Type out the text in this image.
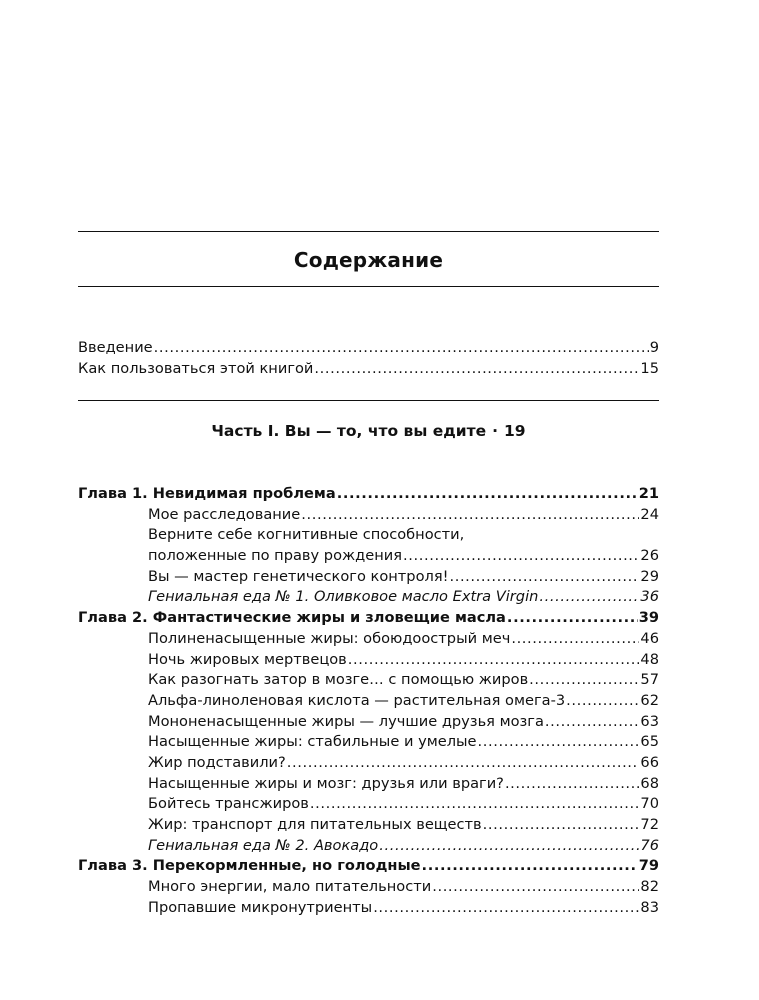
Содержание
Введение .....	9
Как пользоваться этой книгой .....	15
Часть I. Вы — то, что вы едите · 19
Глава 1. Невидимая проблема .....	21
Мое расследование .....	24
Верните себе когнитивные способности,
положенные по праву рождения .....	26
Вы — мастер генетического контроля! .....	29
Гениальная еда № 1. Оливковое масло Extra Virgin .....	36
Глава 2. Фантастические жиры и зловещие масла .....	39
Полиненасыщенные жиры: обоюдоострый меч .....	46
Ночь жировых мертвецов .....	48
Как разогнать затор в мозге… с помощью жиров .....	57
Альфа-линоленовая кислота — растительная омега-3 .....	62
Мононенасыщенные жиры — лучшие друзья мозга .....	63
Насыщенные жиры: стабильные и умелые .....	65
Жир подставили? .....	66
Насыщенные жиры и мозг: друзья или враги? .....	68
Бойтесь трансжиров .....	70
Жир: транспорт для питательных веществ .....	72
Гениальная еда № 2. Авокадо .....	76
Глава 3. Перекормленные, но голодные .....	79
Много энергии, мало питательности .....	82
Пропавшие микронутриенты .....	83
